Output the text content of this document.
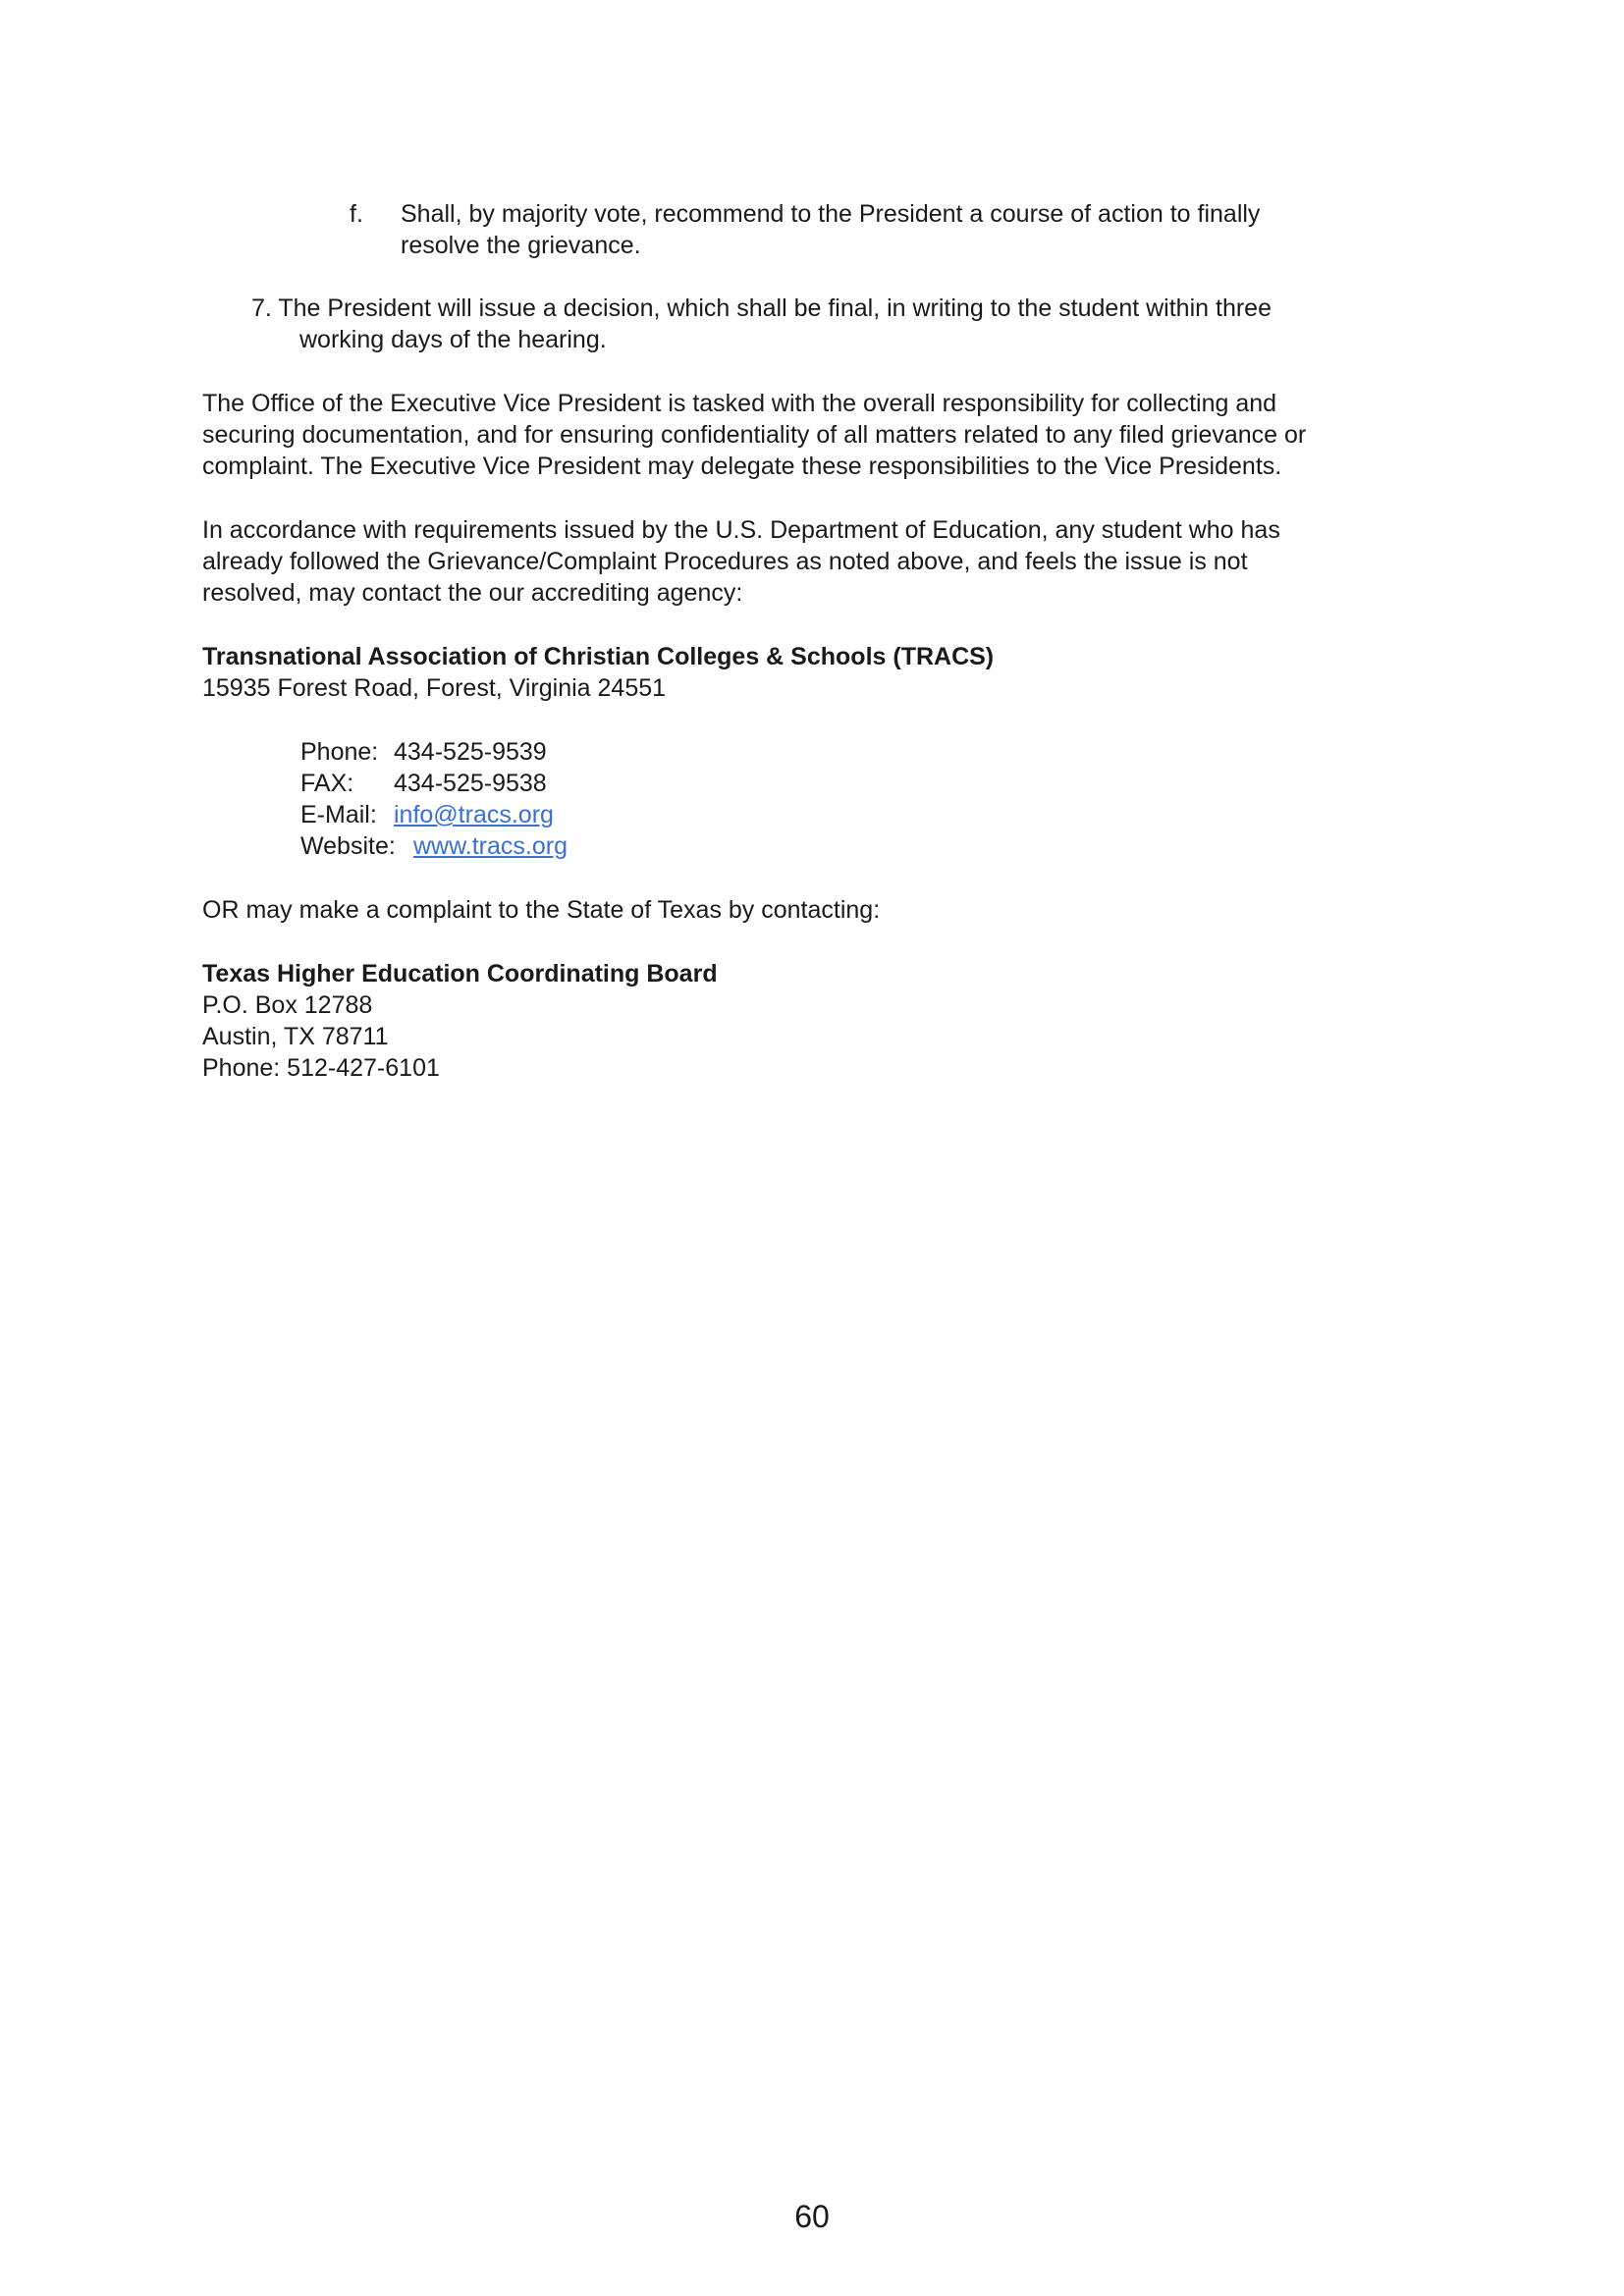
f. Shall, by majority vote, recommend to the President a course of action to finally
resolve the grievance.
7. The President will issue a decision, which shall be final, in writing to the student within three
working days of the hearing.
The Office of the Executive Vice President is tasked with the overall responsibility for collecting and
securing documentation, and for ensuring confidentiality of all matters related to any filed grievance or
complaint. The Executive Vice President may delegate these responsibilities to the Vice Presidents.
In accordance with requirements issued by the U.S. Department of Education, any student who has
already followed the Grievance/Complaint Procedures as noted above, and feels the issue is not
resolved, may contact the our accrediting agency:
Transnational Association of Christian Colleges & Schools (TRACS)
15935 Forest Road, Forest, Virginia 24551
Phone: 434-525-9539
FAX: 434-525-9538
E-Mail: info@tracs.org
Website: www.tracs.org
OR may make a complaint to the State of Texas by contacting:
Texas Higher Education Coordinating Board
P.O. Box 12788
Austin, TX 78711
Phone: 512-427-6101
60
